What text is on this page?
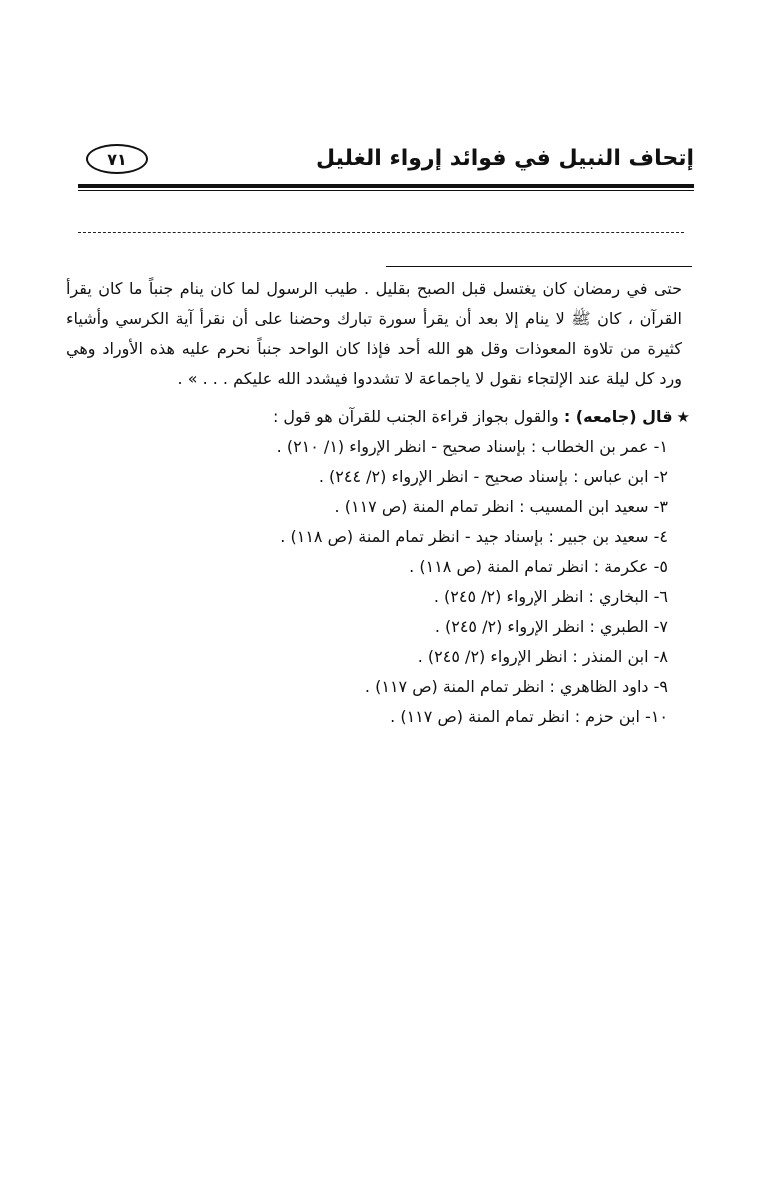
إتحاف النبيل في فوائد إرواء الغليل
٧١
حتى في رمضان كان يغتسل قبل الصبح بقليل . طيب الرسول لما كان ينام جنباً ما كان يقرأ
القرآن ، كان ﷺ لا ينام إلا بعد أن يقرأ سورة تبارك وحضنا على أن نقرأ آية الكرسي وأشياء
كثيرة من تلاوة المعوذات وقل هو الله أحد فإذا كان الواحد جنباً نحرم عليه هذه الأوراد وهي
ورد كل ليلة عند الإلتجاء نقول لا ياجماعة لا تشددوا فيشدد الله عليكم . . . » .
★قال (جامعه) : والقول بجواز قراءة الجنب للقرآن هو قول :
١- عمر بن الخطاب : بإسناد صحيح - انظر الإرواء (١/ ٢١٠) .
٢- ابن عباس : بإسناد صحيح - انظر الإرواء (٢/ ٢٤٤) .
٣- سعيد ابن المسيب : انظر تمام المنة (ص ١١٧) .
٤- سعيد بن جبير : بإسناد جيد - انظر تمام المنة (ص ١١٨) .
٥- عكرمة : انظر تمام المنة (ص ١١٨) .
٦- البخاري : انظر الإرواء (٢/ ٢٤٥) .
٧- الطبري : انظر الإرواء (٢/ ٢٤٥) .
٨- ابن المنذر : انظر الإرواء (٢/ ٢٤٥) .
٩- داود الظاهري : انظر تمام المنة (ص ١١٧) .
١٠- ابن حزم : انظر تمام المنة (ص ١١٧) .
